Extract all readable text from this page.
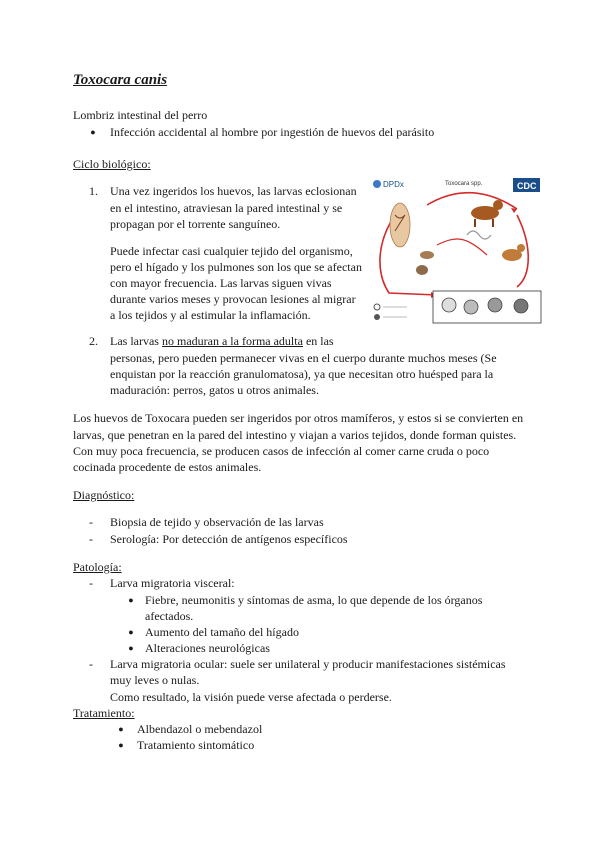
Toxocara canis
Lombriz intestinal del perro
● Infección accidental al hombre por ingestión de huevos del parásito
Ciclo biológico:
1. Una vez ingeridos los huevos, las larvas eclosionan
en el intestino, atraviesan la pared intestinal y se
propagan por el torrente sanguíneo.
Puede infectar casi cualquier tejido del organismo,
pero el hígado y los pulmones son los que se afectan
con mayor frecuencia. Las larvas siguen vivas
durante varios meses y provocan lesiones al migrar
a los tejidos y al estimular la inflamación.
DPDx	Toxocara spp.	CDC
2. Las larvas no maduran a la forma adulta en las
personas, pero pueden permanecer vivas en el cuerpo durante muchos meses (Se
enquistan por la reacción granulomatosa), ya que necesitan otro huésped para la
maduración: perros, gatos u otros animales.
Los huevos de Toxocara pueden ser ingeridos por otros mamíferos, y estos si se convierten en
larvas, que penetran en la pared del intestino y viajan a varios tejidos, donde forman quistes.
Con muy poca frecuencia, se producen casos de infección al comer carne cruda o poco
cocinada procedente de estos animales.
Diagnóstico:
- Biopsia de tejido y observación de las larvas
- Serología: Por detección de antígenos específicos
Patología:
- Larva migratoria visceral:
● Fiebre, neumonitis y síntomas de asma, lo que depende de los órganos
afectados.
● Aumento del tamaño del hígado
● Alteraciones neurológicas
- Larva migratoria ocular: suele ser unilateral y producir manifestaciones sistémicas
muy leves o nulas.
Como resultado, la visión puede verse afectada o perderse.
Tratamiento:
● Albendazol o mebendazol
● Tratamiento sintomático
